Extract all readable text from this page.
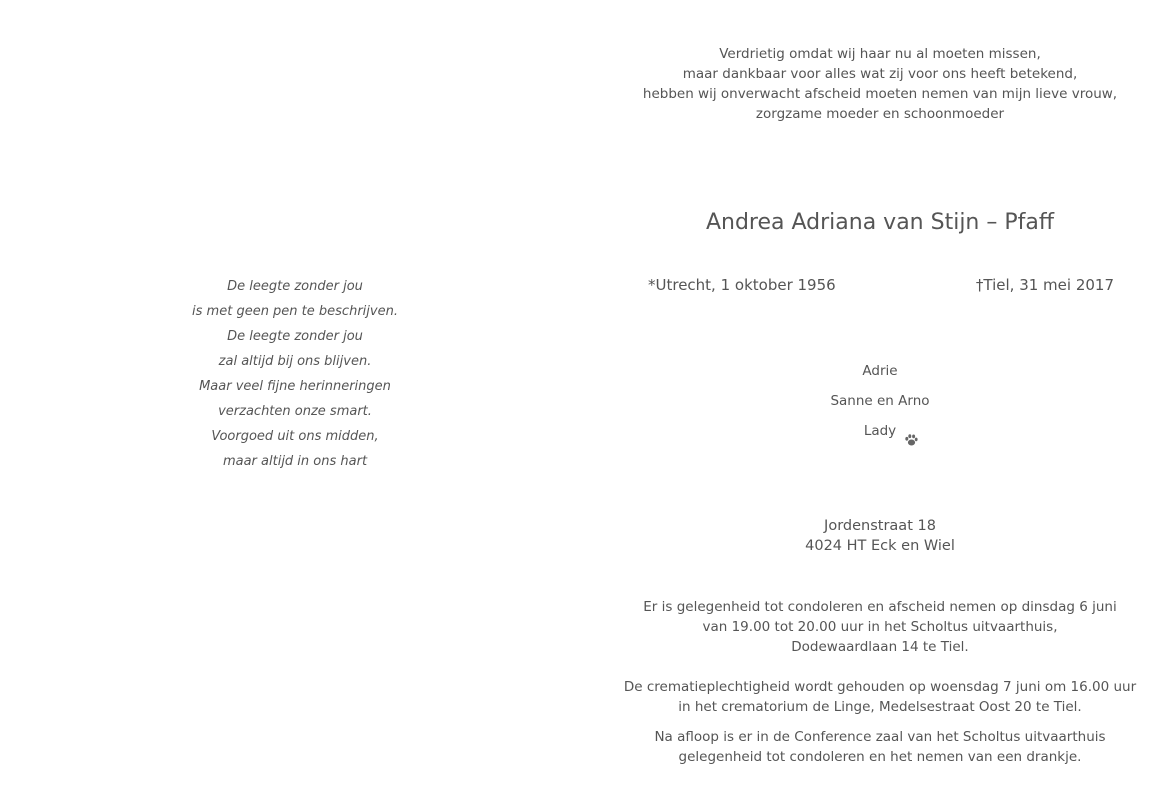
Verdrietig omdat wij haar nu al moeten missen,
maar dankbaar voor alles wat zij voor ons heeft betekend,
hebben wij onverwacht afscheid moeten nemen van mijn lieve vrouw,
zorgzame moeder en schoonmoeder
Andrea Adriana van Stijn – Pfaff
*Utrecht, 1 oktober 1956	†Tiel, 31 mei 2017
De leegte zonder jou
is met geen pen te beschrijven.
De leegte zonder jou
zal altijd bij ons blijven.
Maar veel fijne herinneringen
verzachten onze smart.
Voorgoed uit ons midden,
maar altijd in ons hart
Adrie
Sanne en Arno
Lady
Jordenstraat 18
4024 HT Eck en Wiel
Er is gelegenheid tot condoleren en afscheid nemen op dinsdag 6 juni
van 19.00 tot 20.00 uur in het Scholtus uitvaarthuis,
Dodewaardlaan 14 te Tiel.
De crematieplechtigheid wordt gehouden op woensdag 7 juni om 16.00 uur
in het crematorium de Linge, Medelsestraat Oost 20 te Tiel.
Na afloop is er in de Conference zaal van het Scholtus uitvaarthuis
gelegenheid tot condoleren en het nemen van een drankje.
